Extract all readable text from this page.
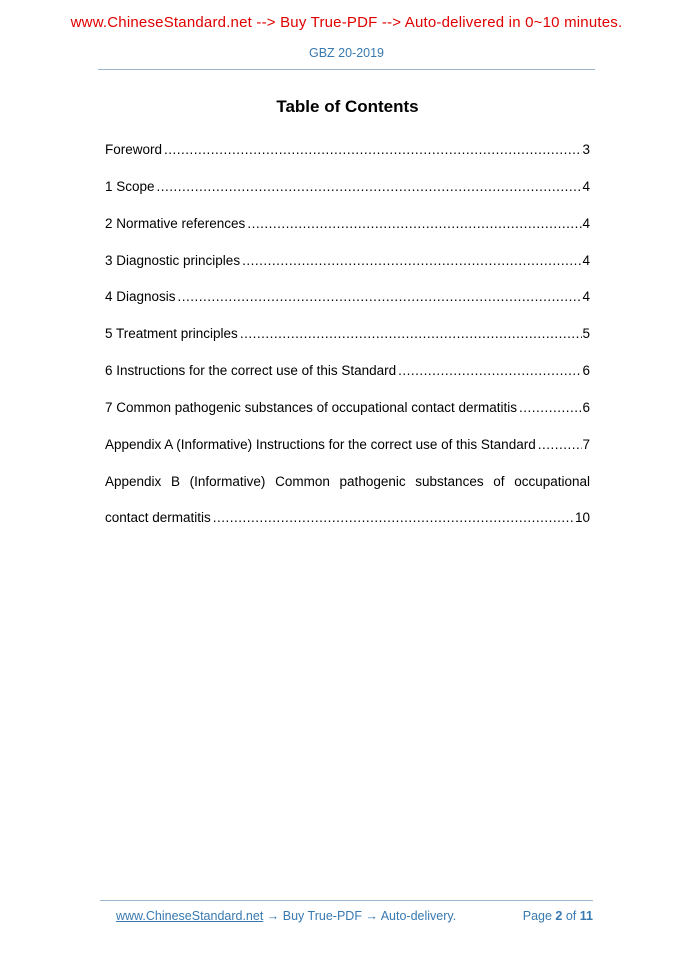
www.ChineseStandard.net --> Buy True-PDF --> Auto-delivered in 0~10 minutes.
GBZ 20-2019
Table of Contents
Foreword .....	3
1 Scope .....	4
2 Normative references .....	4
3 Diagnostic principles .....	4
4 Diagnosis .....	4
5 Treatment principles .....	5
6 Instructions for the correct use of this Standard .....	6
7 Common pathogenic substances of occupational contact dermatitis .....	6
Appendix A (Informative) Instructions for the correct use of this Standard .....	7
Appendix B (Informative) Common pathogenic substances of occupational
contact dermatitis .....	10
www.ChineseStandard.net → Buy True-PDF → Auto-delivery.	Page 2 of 11
